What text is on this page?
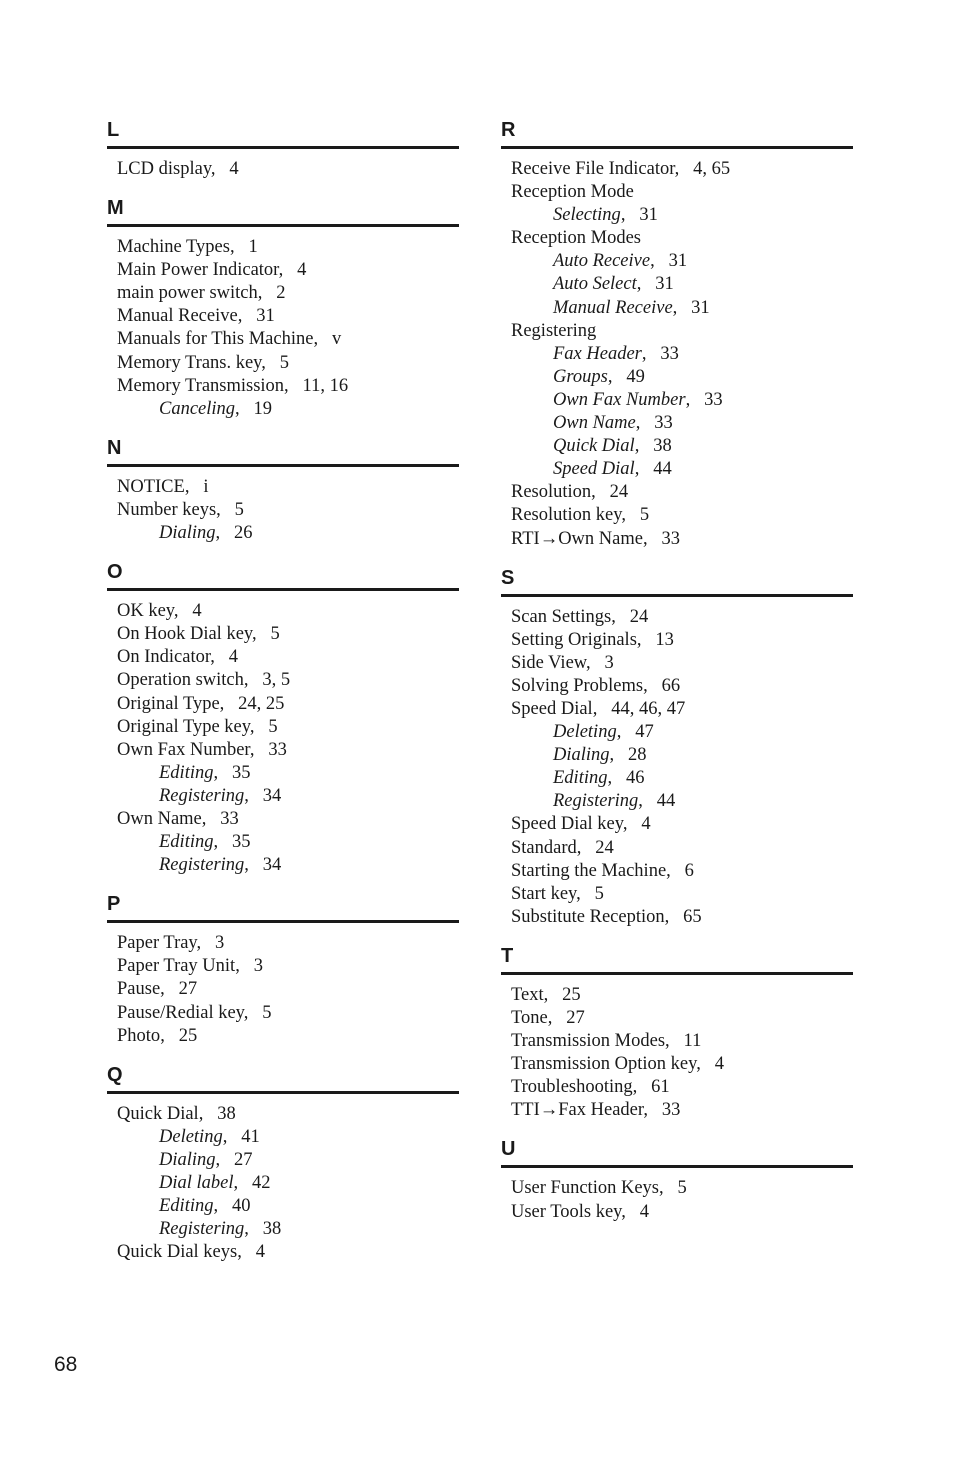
L
LCD display,   4
M
Machine Types,   1
Main Power Indicator,   4
main power switch,   2
Manual Receive,   31
Manuals for This Machine,   v
Memory Trans. key,   5
Memory Transmission,   11, 16
Canceling,   19
N
NOTICE,   i
Number keys,   5
Dialing,   26
O
OK key,   4
On Hook Dial key,   5
On Indicator,   4
Operation switch,   3, 5
Original Type,   24, 25
Original Type key,   5
Own Fax Number,   33
Editing,   35
Registering,   34
Own Name,   33
Editing,   35
Registering,   34
P
Paper Tray,   3
Paper Tray Unit,   3
Pause,   27
Pause/Redial key,   5
Photo,   25
Q
Quick Dial,   38
Deleting,   41
Dialing,   27
Dial label,   42
Editing,   40
Registering,   38
Quick Dial keys,   4
R
Receive File Indicator,   4, 65
Reception Mode
Selecting,   31
Reception Modes
Auto Receive,   31
Auto Select,   31
Manual Receive,   31
Registering
Fax Header,   33
Groups,   49
Own Fax Number,   33
Own Name,   33
Quick Dial,   38
Speed Dial,   44
Resolution,   24
Resolution key,   5
RTI→Own Name,   33
S
Scan Settings,   24
Setting Originals,   13
Side View,   3
Solving Problems,   66
Speed Dial,   44, 46, 47
Deleting,   47
Dialing,   28
Editing,   46
Registering,   44
Speed Dial key,   4
Standard,   24
Starting the Machine,   6
Start key,   5
Substitute Reception,   65
T
Text,   25
Tone,   27
Transmission Modes,   11
Transmission Option key,   4
Troubleshooting,   61
TTI→Fax Header,   33
U
User Function Keys,   5
User Tools key,   4
68
